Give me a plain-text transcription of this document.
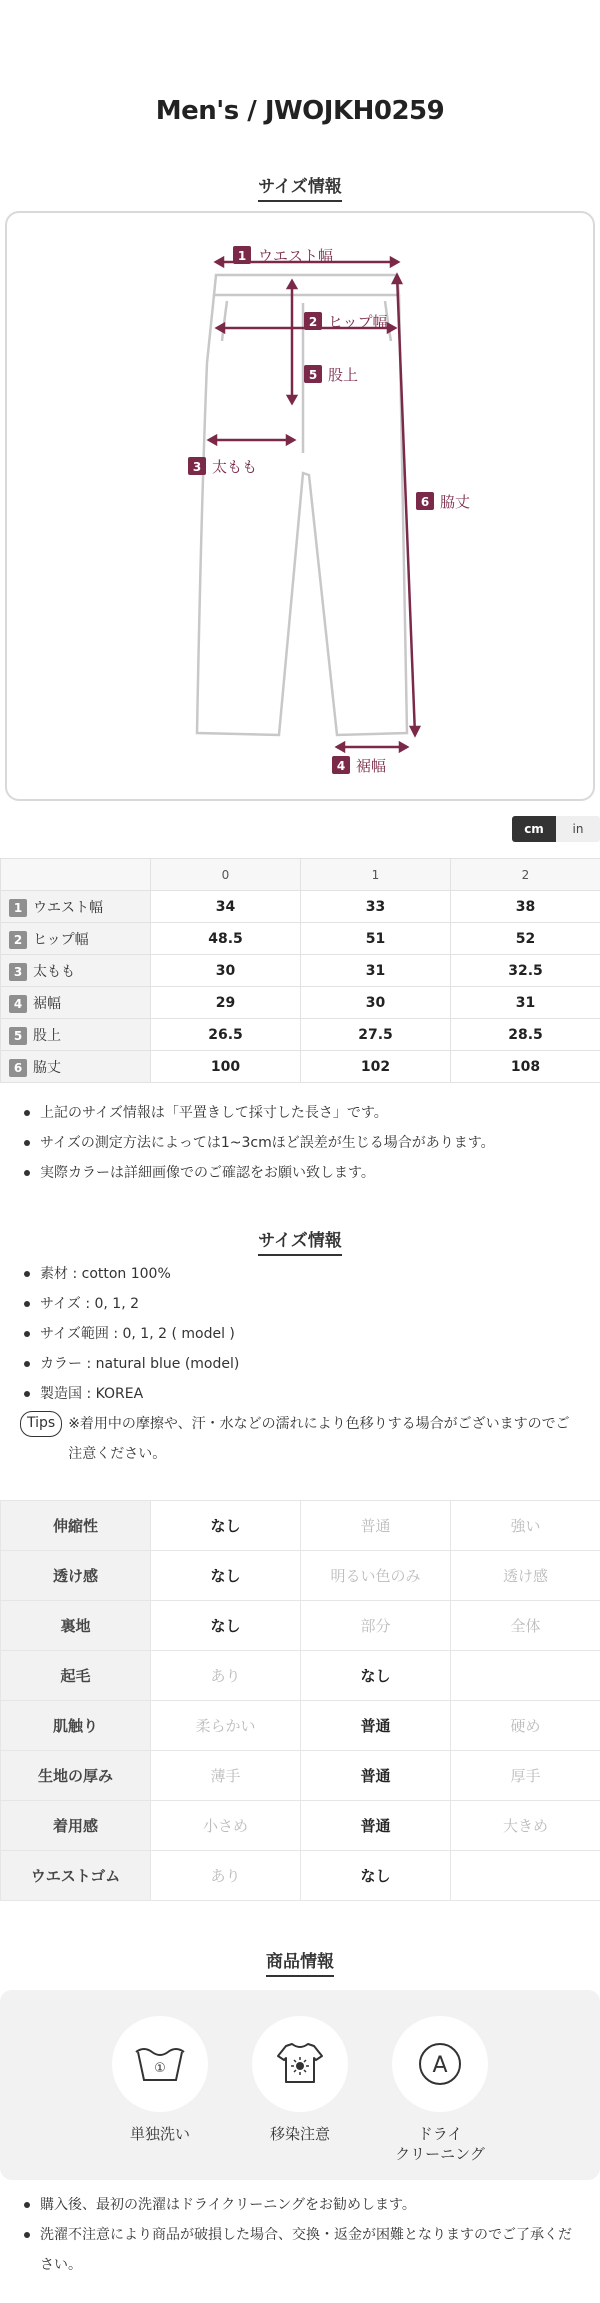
Men's / JWOJKH0259
サイズ情報
1 ウエスト幅
2 ヒップ幅
5 股上
3 太もも
6 脇丈
4 裾幅
cm	in
	0	1	2
1 ウエスト幅	34	33	38
2 ヒップ幅	48.5	51	52
3 太もも	30	31	32.5
4 裾幅	29	30	31
5 股上	26.5	27.5	28.5
6 脇丈	100	102	108
上記のサイズ情報は「平置きして採寸した長さ」です。
サイズの測定方法によっては1~3cmほど誤差が生じる場合があります。
実際カラーは詳細画像でのご確認をお願い致します。
サイズ情報
素材 : cotton 100%
サイズ : 0, 1, 2
サイズ範囲 : 0, 1, 2 ( model )
カラー : natural blue (model)
製造国 : KOREA
Tips ※着用中の摩擦や、汗・水などの濡れにより色移りする場合がございますのでご注意ください。
伸縮性	なし	普通	強い
透け感	なし	明るい色のみ	透け感
裏地	なし	部分	全体
起毛	あり	なし	
肌触り	柔らかい	普通	硬め
生地の厚み	薄手	普通	厚手
着用感	小さめ	普通	大きめ
ウエストゴム	あり	なし	
商品情報
①
単独洗い	移染注意
A
ドライ
クリーニング
購入後、最初の洗濯はドライクリーニングをお勧めします。
洗濯不注意により商品が破損した場合、交換・返金が困難となりますのでご了承ください。
